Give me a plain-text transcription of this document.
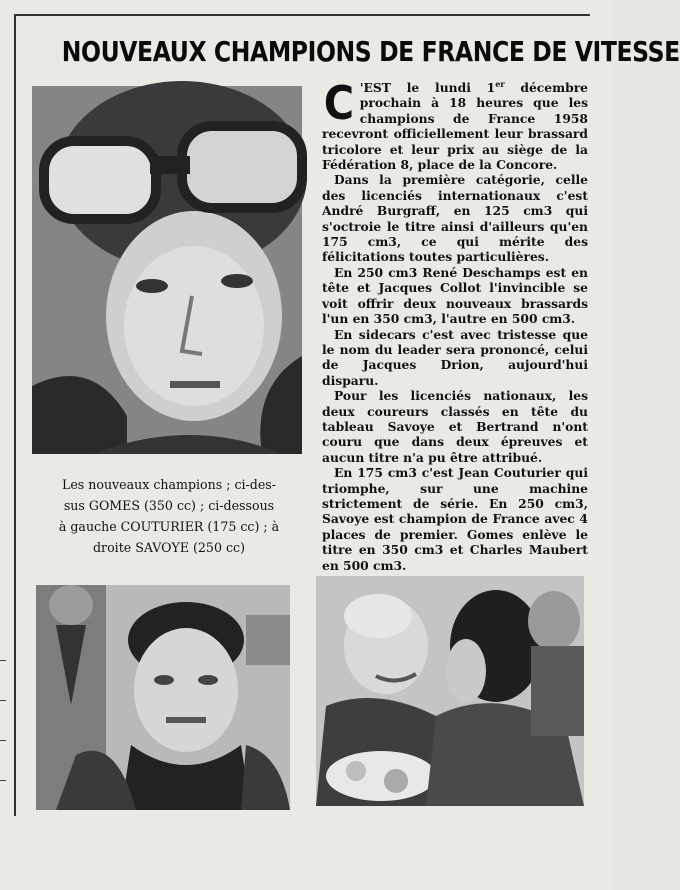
NOUVEAUX CHAMPIONS DE FRANCE DE VITESSE
Les nouveaux champions ; ci-des-
sus GOMES (350 cc) ; ci-dessous
à gauche COUTURIER (175 cc) ; à
droite SAVOYE (250 cc)

C 'EST le lundi 1er décembre prochain à 18 heures que les champions de France 1958 recevront officiellement leur brassard tricolore et leur prix au siège de la Fédération 8, place de la Concore.

Dans la première catégorie, celle des licenciés internationaux c'est André Burgraff, en 125 cm3 qui s'octroie le titre ainsi d'ailleurs qu'en 175 cm3, ce qui mérite des félicitations toutes particulières.

En 250 cm3 René Deschamps est en tête et Jacques Collot l'invincible se voit offrir deux nouveaux brassards l'un en 350 cm3, l'autre en 500 cm3.

En sidecars c'est avec tristesse que le nom du leader sera prononcé, celui de Jacques Drion, aujourd'hui disparu.

Pour les licenciés nationaux, les deux coureurs classés en tête du tableau Savoye et Bertrand n'ont couru que dans deux épreuves et aucun titre n'a pu être attribué.

En 175 cm3 c'est Jean Couturier qui triomphe, sur une machine strictement de série. En 250 cm3, Savoye est champion de France avec 4 places de premier. Gomes enlève le titre en 350 cm3 et Charles Maubert en 500 cm3.
